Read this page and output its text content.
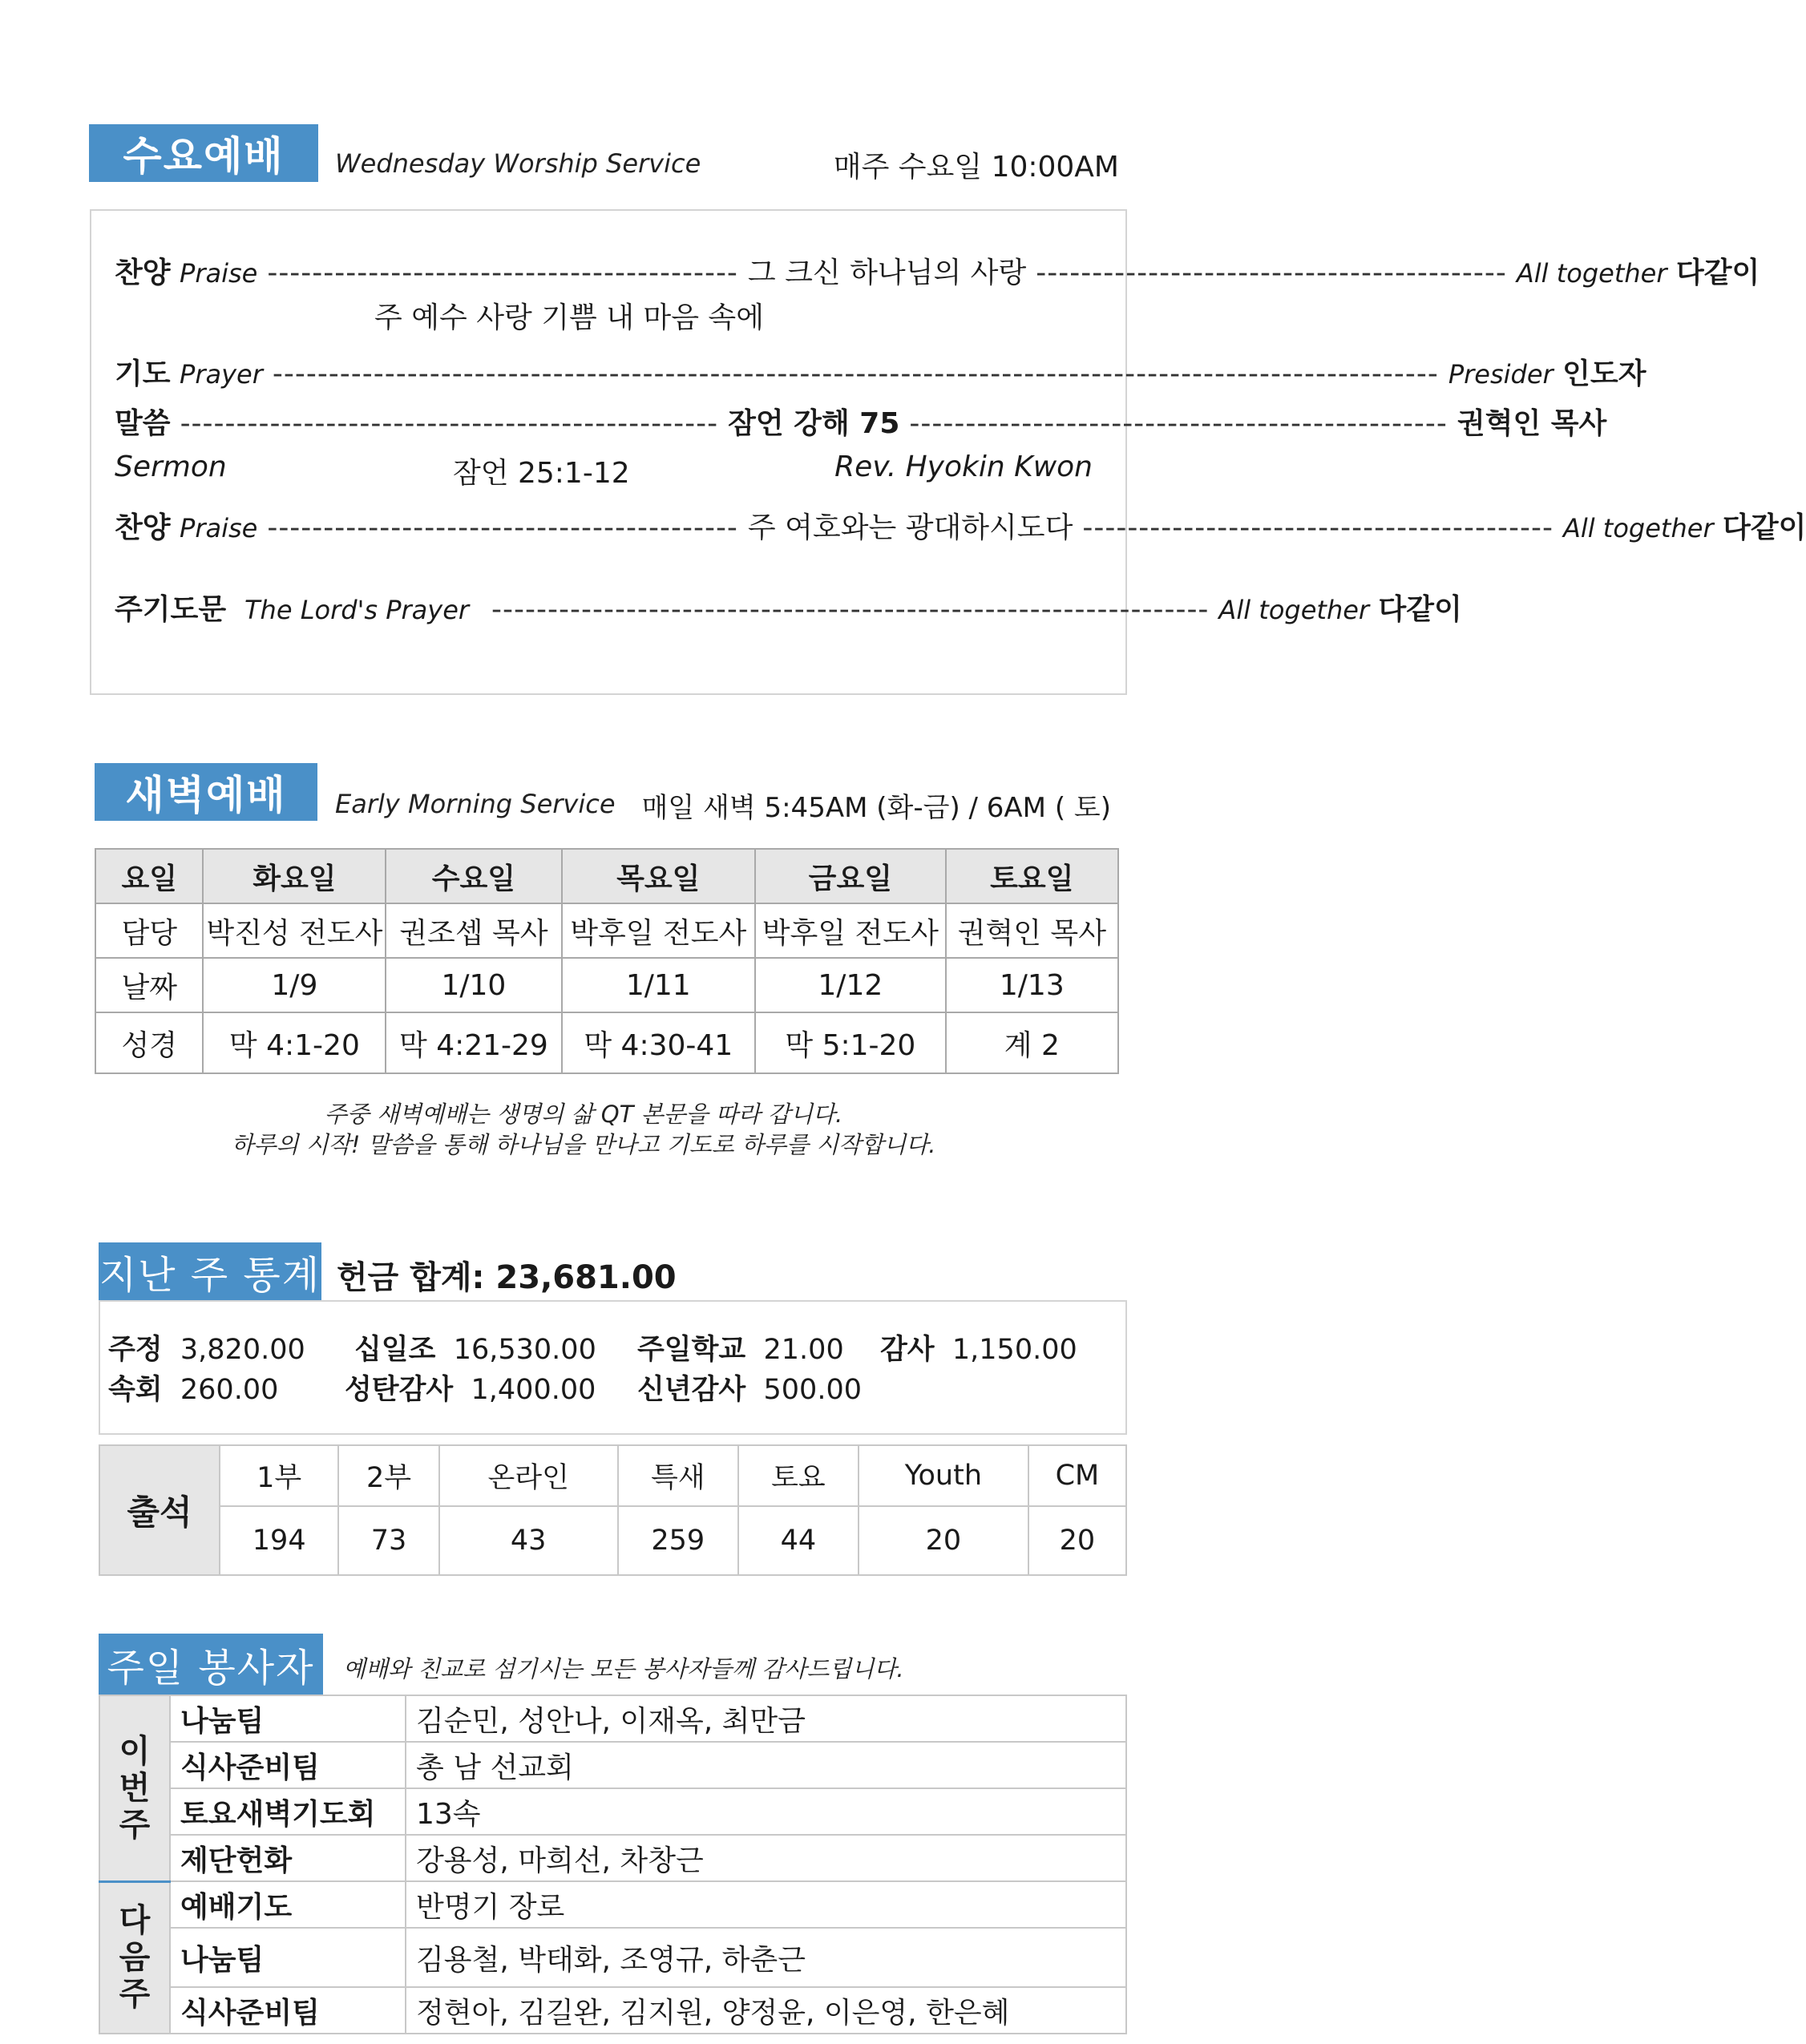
수요예배	Wednesday Worship Service	매주 수요일 10:00AM
찬양
Praise ------------------------------------------ 그 크신 하나님의 사랑 ------------------------------------------ All together
다같이
주 예수 사랑 기쁨 내 마음 속에
기도
Prayer -------------------------------------------------------------------------------------------------------- Presider
인도자
말씀 ------------------------------------------------ 잠언 강해 75 ------------------------------------------------ 권혁인 목사
Sermon	잠언 25:1-12	Rev. Hyokin Kwon
찬양
Praise ------------------------------------------ 주 여호와는 광대하시도다 ------------------------------------------ All together
다같이
주기도문
The Lord's Prayer ---------------------------------------------------------------- All together
다같이
새벽예배	Early Morning Service 매일 새벽 5:45AM (화-금) / 6AM ( 토)
요일	화요일	수요일	목요일	금요일	토요일
담당	박진성 전도사	권조셉 목사	박후일 전도사	박후일 전도사	권혁인 목사
날짜	1/9	1/10	1/11	1/12	1/13
성경	막 4:1-20	막 4:21-29	막 4:30-41	막 5:1-20	계 2
주중 새벽예배는 생명의 삶 QT 본문을 따라 갑니다.
하루의 시작! 말씀을 통해 하나님을 만나고 기도로 하루를 시작합니다.
지난 주 통계 헌금 합계: 23,681.00
주정 3,820.00 십일조 16,530.00 주일학교 21.00 감사 1,150.00
속회 260.00 성탄감사 1,400.00 신년감사 500.00
출석	1부	2부	온라인	특새	토요	Youth	CM
	194	73	43	259	44	20	20
주일 봉사자	예배와 친교로 섬기시는 모든 봉사자들께 감사드립니다.
이
번
주	나눔팀	김순민, 성안나, 이재옥, 최만금
	식사준비팀	총 남 선교회
	토요새벽기도회	13속
	제단헌화	강용성, 마희선, 차창근
다
음
주	예배기도	반명기 장로
	나눔팀	김용철, 박태화, 조영규, 하춘근
	식사준비팀	정현아, 김길완, 김지원, 양정윤, 이은영, 한은혜
